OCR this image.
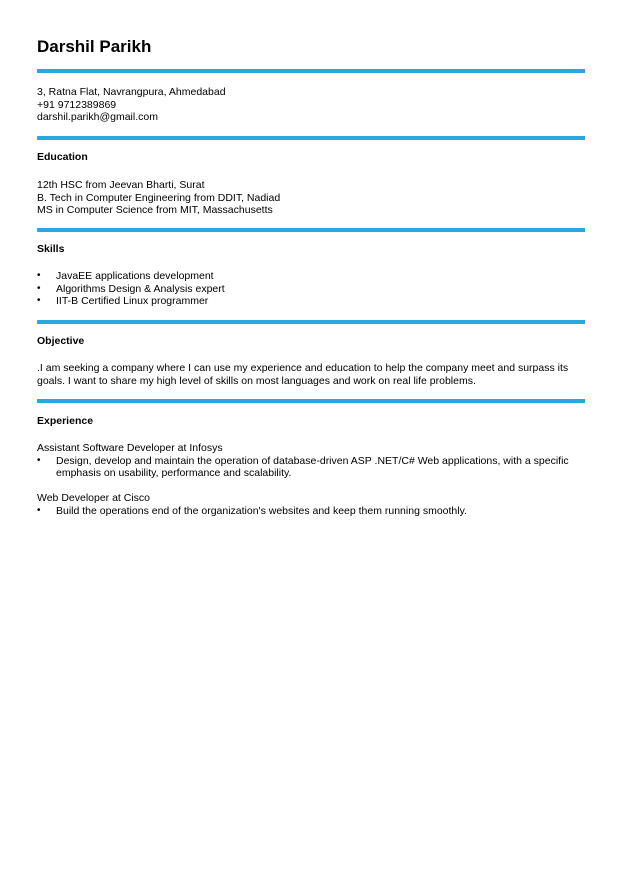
Darshil Parikh
3, Ratna Flat, Navrangpura, Ahmedabad
+91 9712389869
darshil.parikh@gmail.com
Education
12th HSC from Jeevan Bharti, Surat
B. Tech in Computer Engineering from DDIT, Nadiad
MS in Computer Science from MIT, Massachusetts
Skills
• JavaEE applications development
• Algorithms Design & Analysis expert
• IIT-B Certified Linux programmer
Objective

.I am seeking a company where I can use my experience and education to help the company meet and surpass its goals. I want to share my high level of skills on most languages and work on real life problems.

Experience
Assistant Software Developer at Infosys
• Design, develop and maintain the operation of database-driven ASP .NET/C# Web applications, with a specific emphasis on usability, performance and scalability.
Web Developer at Cisco
• Build the operations end of the organization's websites and keep them running smoothly.
